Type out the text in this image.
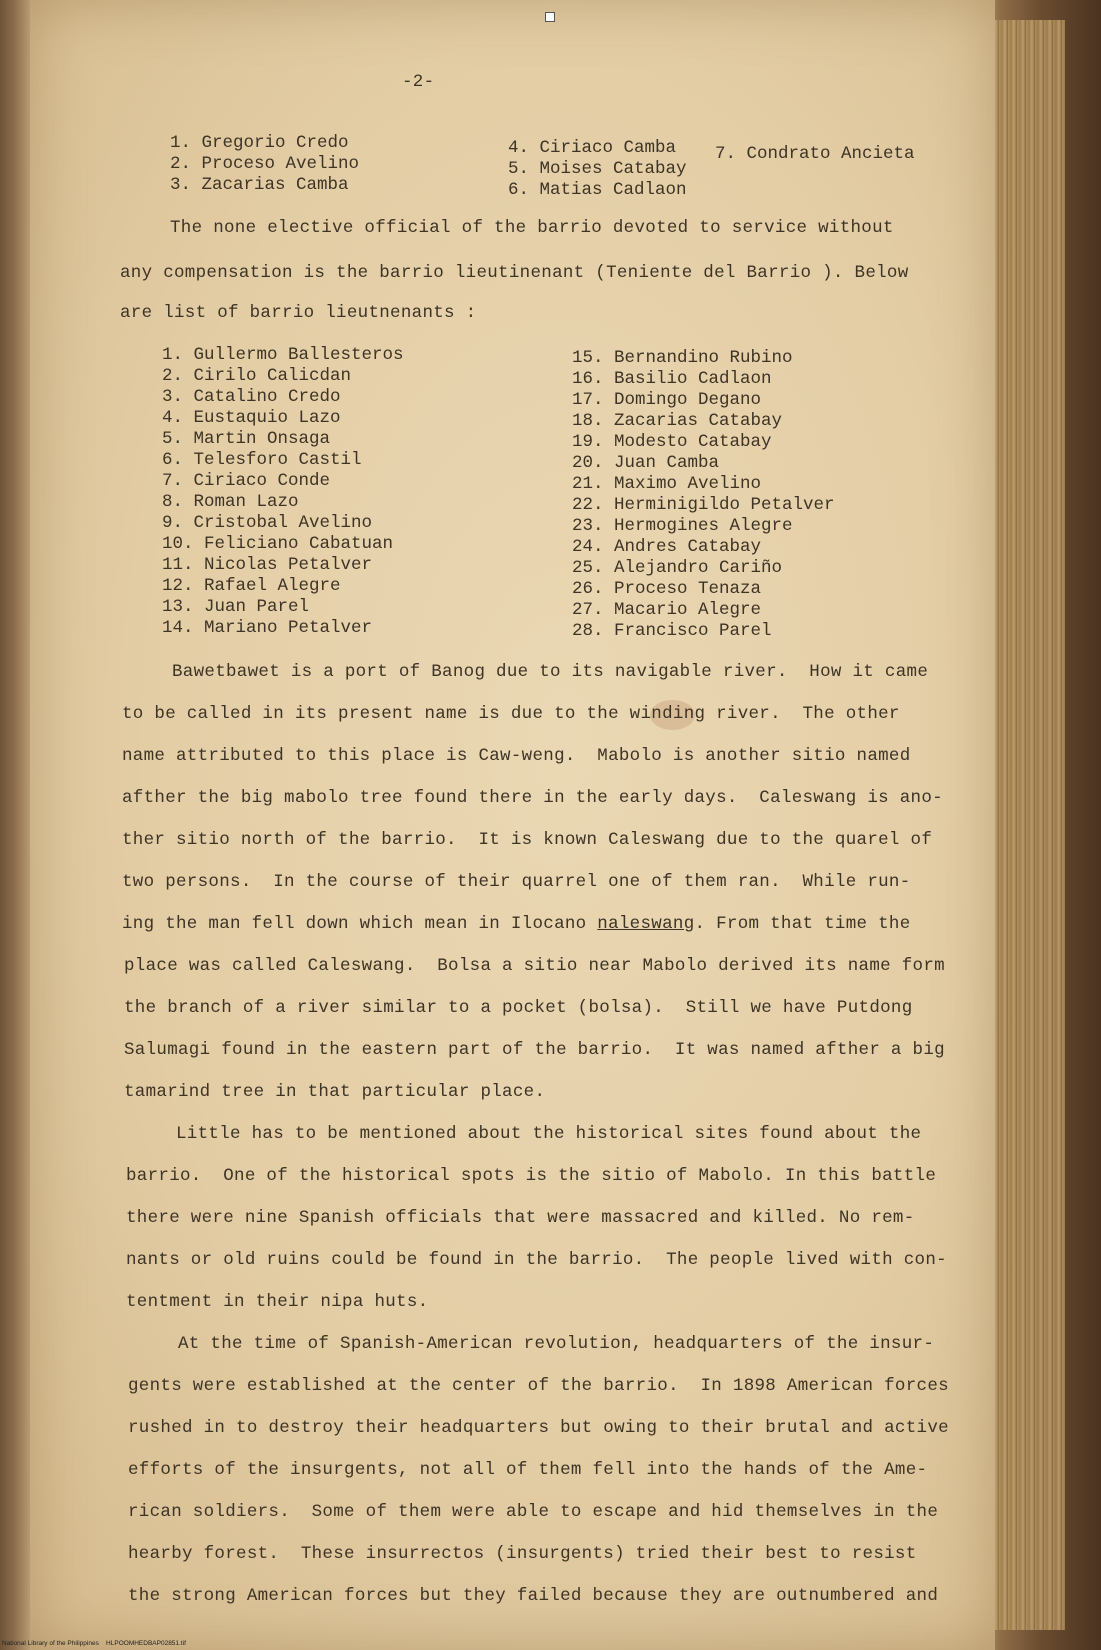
-2-
1. Gregorio Credo
2. Proceso Avelino
3. Zacarias Camba
4. Ciriaco Camba
5. Moises Catabay
6. Matias Cadlaon
7. Condrato Ancieta
The none elective official of the barrio devoted to service without
any compensation is the barrio lieutinenant (Teniente del Barrio ). Below
are list of barrio lieutnenants :
1. Gullermo Ballesteros
2. Cirilo Calicdan
3. Catalino Credo
4. Eustaquio Lazo
5. Martin Onsaga
6. Telesforo Castil
7. Ciriaco Conde
8. Roman Lazo
9. Cristobal Avelino
10. Feliciano Cabatuan
11. Nicolas Petalver
12. Rafael Alegre
13. Juan Parel
14. Mariano Petalver
15. Bernandino Rubino
16. Basilio Cadlaon
17. Domingo Degano
18. Zacarias Catabay
19. Modesto Catabay
20. Juan Camba
21. Maximo Avelino
22. Herminigildo Petalver
23. Hermogines Alegre
24. Andres Catabay
25. Alejandro Cariño
26. Proceso Tenaza
27. Macario Alegre
28. Francisco Parel
Bawetbawet is a port of Banog due to its navigable river.  How it came
to be called in its present name is due to the winding river.  The other
name attributed to this place is Caw-weng.  Mabolo is another sitio named
afther the big mabolo tree found there in the early days.  Caleswang is ano-
ther sitio north of the barrio.  It is known Caleswang due to the quarel of
two persons.  In the course of their quarrel one of them ran.  While run-
ing the man fell down which mean in Ilocano naleswang. From that time the
place was called Caleswang.  Bolsa a sitio near Mabolo derived its name form
the branch of a river similar to a pocket (bolsa).  Still we have Putdong
Salumagi found in the eastern part of the barrio.  It was named afther a big
tamarind tree in that particular place.
Little has to be mentioned about the historical sites found about the
barrio.  One of the historical spots is the sitio of Mabolo. In this battle
there were nine Spanish officials that were massacred and killed. No rem-
nants or old ruins could be found in the barrio.  The people lived with con-
tentment in their nipa huts.
At the time of Spanish-American revolution, headquarters of the insur-
gents were established at the center of the barrio.  In 1898 American forces
rushed in to destroy their headquarters but owing to their brutal and active
efforts of the insurgents, not all of them fell into the hands of the Ame-
rican soldiers.  Some of them were able to escape and hid themselves in the
hearby forest.  These insurrectos (insurgents) tried their best to resist
the strong American forces but they failed because they are outnumbered and
National Library of the Philippines    HLPOOMHEDBAP02851.tif
